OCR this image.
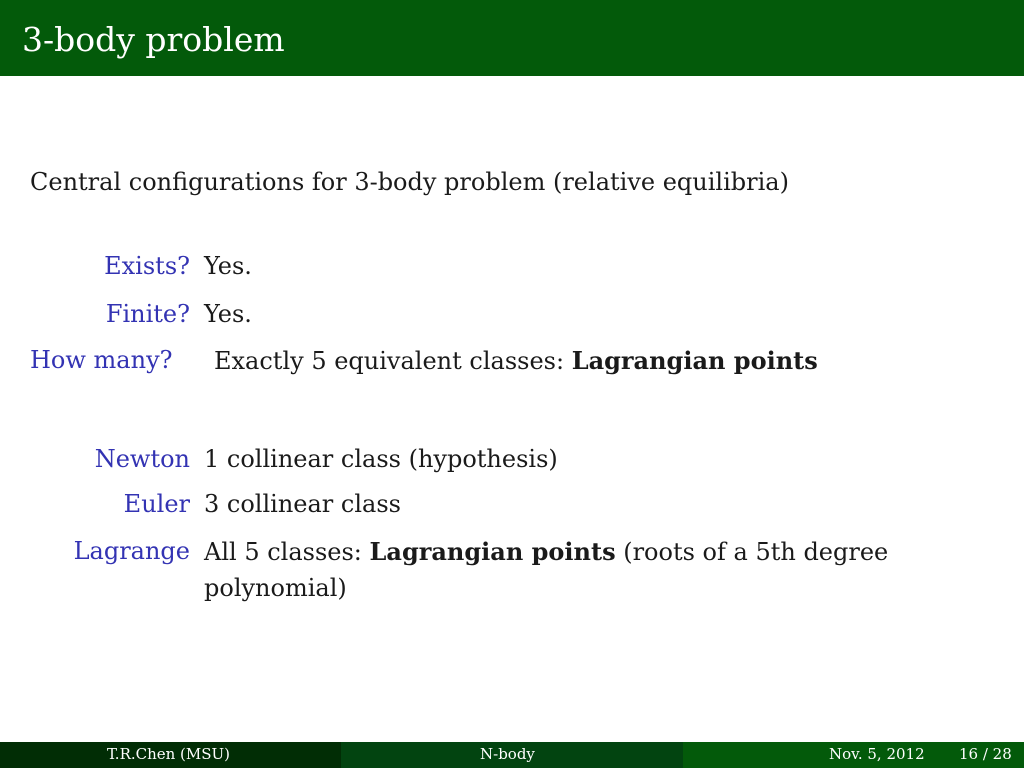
3-body problem
Central configurations for 3-body problem (relative equilibria)
Exists? Yes.
Finite? Yes.
How many? Exactly 5 equivalent classes: Lagrangian points
Newton 1 collinear class (hypothesis)
Euler 3 collinear class
Lagrange All 5 classes: Lagrangian points (roots of a 5th degree
polynomial)
T.R.Chen (MSU)	N-body	Nov. 5, 2012 16 / 28
